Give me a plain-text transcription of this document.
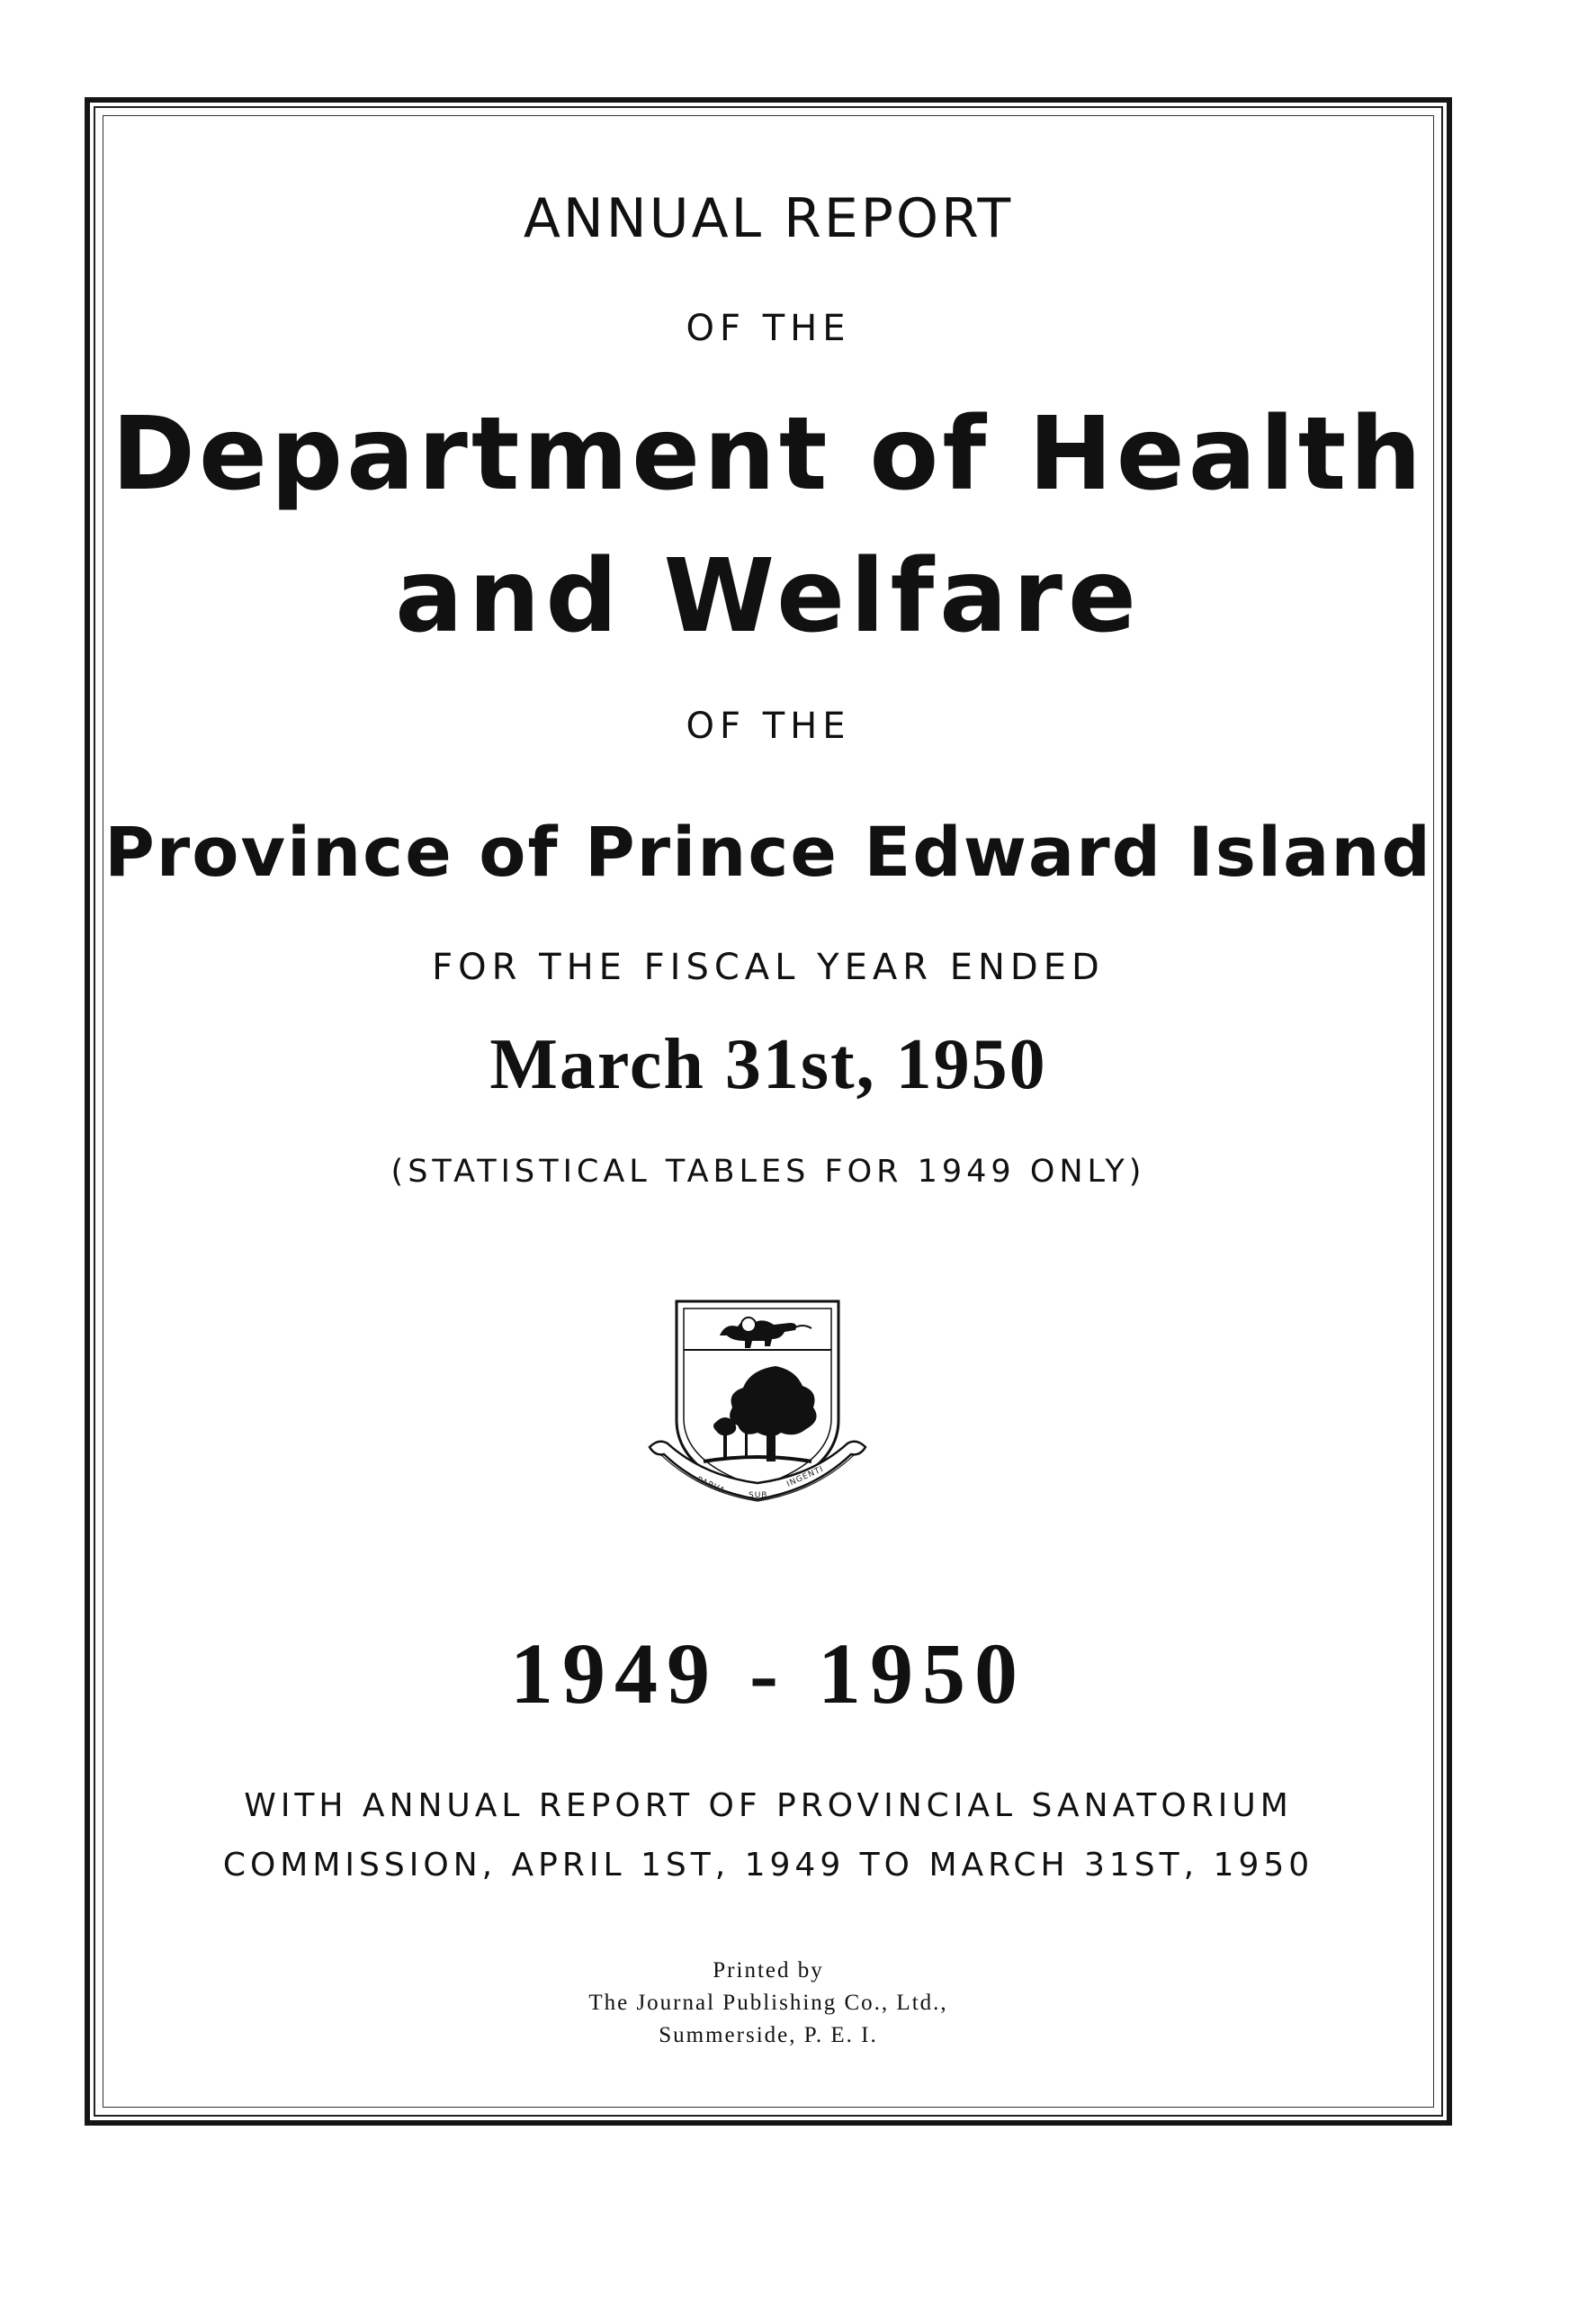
ANNUAL REPORT

OF THE

Department of Health

and Welfare

OF THE

Province of Prince Edward Island

FOR THE FISCAL YEAR ENDED

March 31st, 1950

(STATISTICAL TABLES FOR 1949 ONLY)

PARVA	SUB
INGENTI

1949 - 1950

WITH ANNUAL REPORT OF PROVINCIAL SANATORIUM

COMMISSION, APRIL 1ST, 1949 TO MARCH 31ST, 1950

Printed by

The Journal Publishing Co., Ltd.,

Summerside, P. E. I.
